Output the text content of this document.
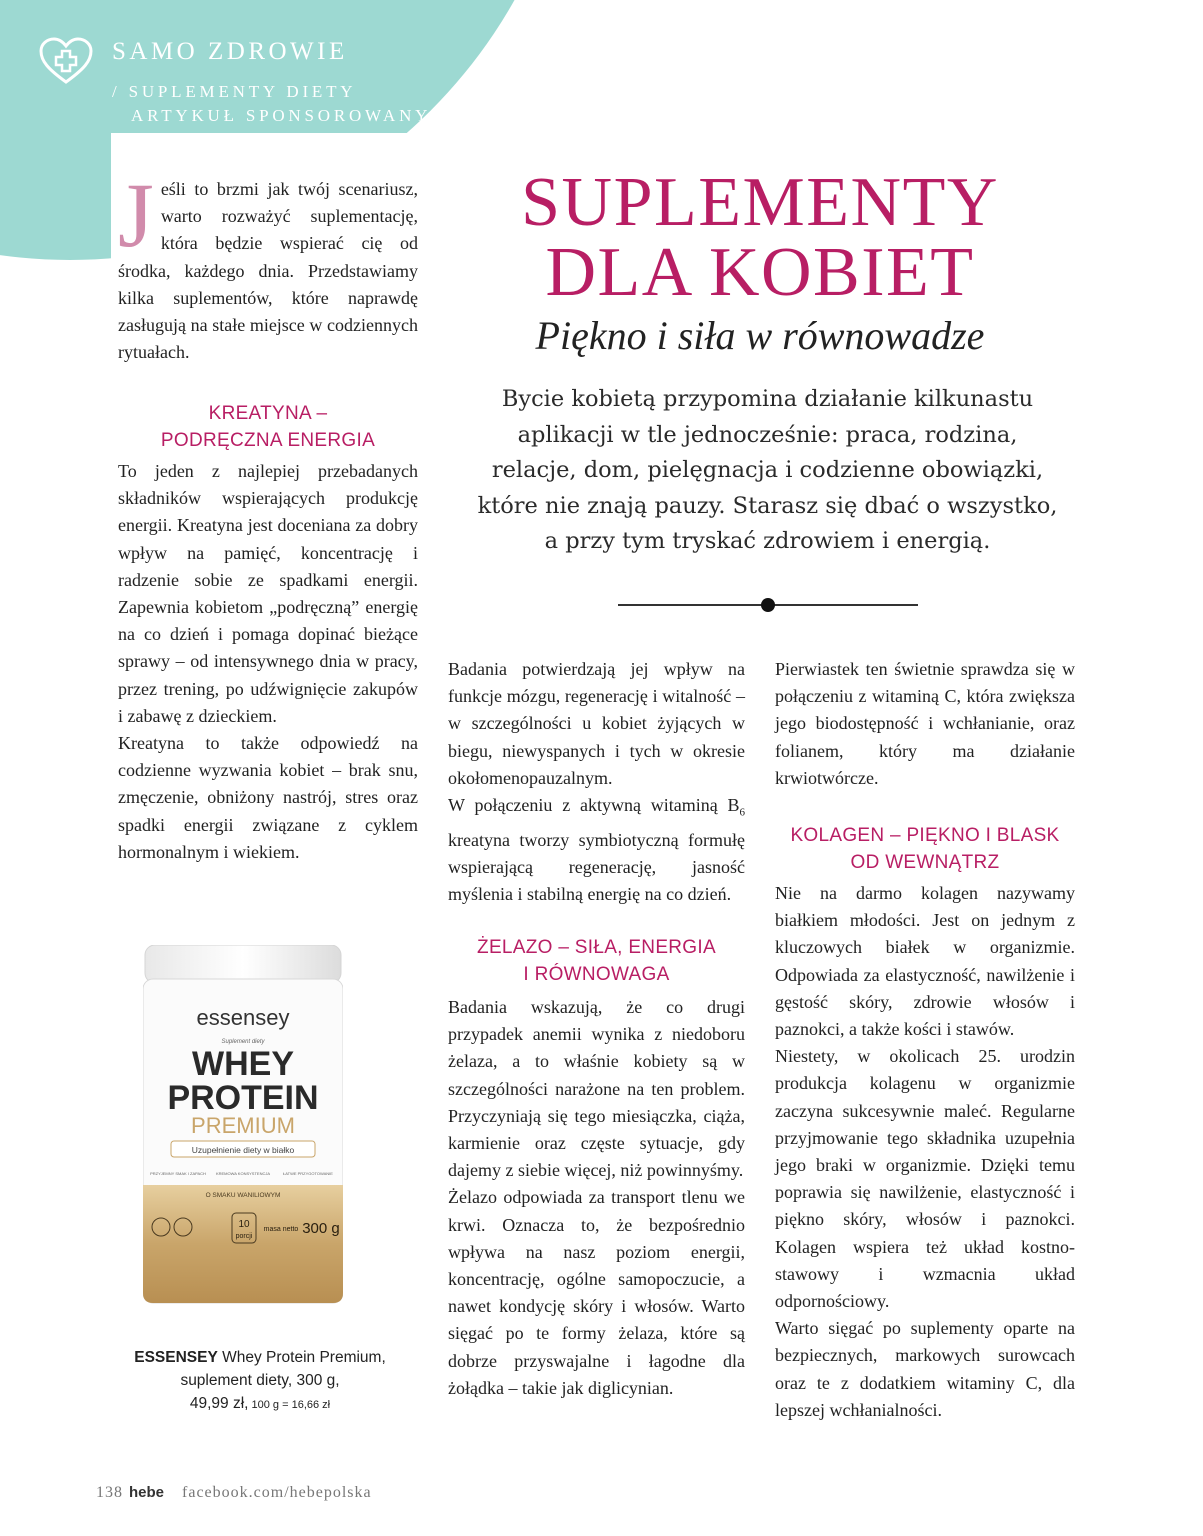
SAMO ZDROWIE
/ SUPLEMENTY DIETY
ARTYKUŁ SPONSOROWANY
SUPLEMENTY
DLA KOBIET
Piękno i siła w równowadze
Bycie kobietą przypomina działanie kilkunastu
aplikacji w tle jednocześnie: praca, rodzina,
relacje, dom, pielęgnacja i codzienne obowiązki,
które nie znają pauzy. Starasz się dbać o wszystko,
a przy tym tryskać zdrowiem i energią.
J eśli to brzmi jak twój scenariusz, warto rozważyć suplementację, która będzie wspierać cię od środka, każdego dnia. Przedstawiamy kilka suplementów, które naprawdę zasługują na stałe miejsce w codziennych rytuałach.

KREATYNA –
PODRĘCZNA ENERGIA

To jeden z najlepiej przebadanych składników wspierających produkcję energii. Kreatyna jest doceniana za dobry wpływ na pamięć, koncentrację i radzenie sobie ze spadkami energii. Zapewnia kobietom „podręczną” energię na co dzień i pomaga dopinać bieżące sprawy – od intensywnego dnia w pracy, przez trening, po udźwignięcie zakupów i zabawę z dzieckiem.

Kreatyna to także odpowiedź na codzienne wyzwania kobiet – brak snu, zmęczenie, obniżony nastrój, stres oraz spadki energii związane z cyklem hormonalnym i wiekiem.

essensey
Suplement diety
WHEY
PROTEIN
PREMIUM
Uzupełnienie diety w białko
PRZYJEMNY SMAK I ZAPACH	KREMOWA KONSYSTENCJA	ŁATWE PRZYGOTOWANIE
O SMAKU WANILIOWYM
10
porcji
masa netto 300 g
ESSENSEY Whey Protein Premium,
suplement diety, 300 g,
49,99 zł, 100 g = 16,66 zł

Badania potwierdzają jej wpływ na funkcje mózgu, regenerację i witalność – w szczególności u kobiet żyjących w biegu, niewyspanych i tych w okresie okołomenopauzalnym.

W połączeniu z aktywną witaminą $B_6$ kreatyna tworzy symbiotyczną formułę wspierającą regenerację, jasność myślenia i stabilną energię na co dzień.

ŻELAZO – SIŁA, ENERGIA
I RÓWNOWAGA

Badania wskazują, że co drugi przypadek anemii wynika z niedoboru żelaza, a to właśnie kobiety są w szczególności narażone na ten problem. Przyczyniają się tego miesiączka, ciąża, karmienie oraz częste sytuacje, gdy dajemy z siebie więcej, niż powinnyśmy.

Żelazo odpowiada za transport tlenu we krwi. Oznacza to, że bezpośrednio wpływa na nasz poziom energii, koncentrację, ogólne samopoczucie, a nawet kondycję skóry i włosów. Warto sięgać po te formy żelaza, które są dobrze przyswajalne i łagodne dla żołądka – takie jak diglicynian.

Pierwiastek ten świetnie sprawdza się w połączeniu z witaminą C, która zwiększa jego biodostępność i wchłanianie, oraz folianem, który ma działanie krwiotwórcze.

KOLAGEN – PIĘKNO I BLASK
OD WEWNĄTRZ

Nie na darmo kolagen nazywamy białkiem młodości. Jest on jednym z kluczowych białek w organizmie. Odpowiada za elastyczność, nawilżenie i gęstość skóry, zdrowie włosów i paznokci, a także kości i stawów.

Niestety, w okolicach 25. urodzin produkcja kolagenu w organizmie zaczyna sukcesywnie maleć. Regularne przyjmowanie tego składnika uzupełnia jego braki w organizmie. Dzięki temu poprawia się nawilżenie, elastyczność i piękno skóry, włosów i paznokci. Kolagen wspiera też układ kostno-stawowy i wzmacnia układ odpornościowy.

Warto sięgać po suplementy oparte na bezpiecznych, markowych surowcach oraz te z dodatkiem witaminy C, dla lepszej wchłanialności.

138 hebe facebook.com/hebepolska
